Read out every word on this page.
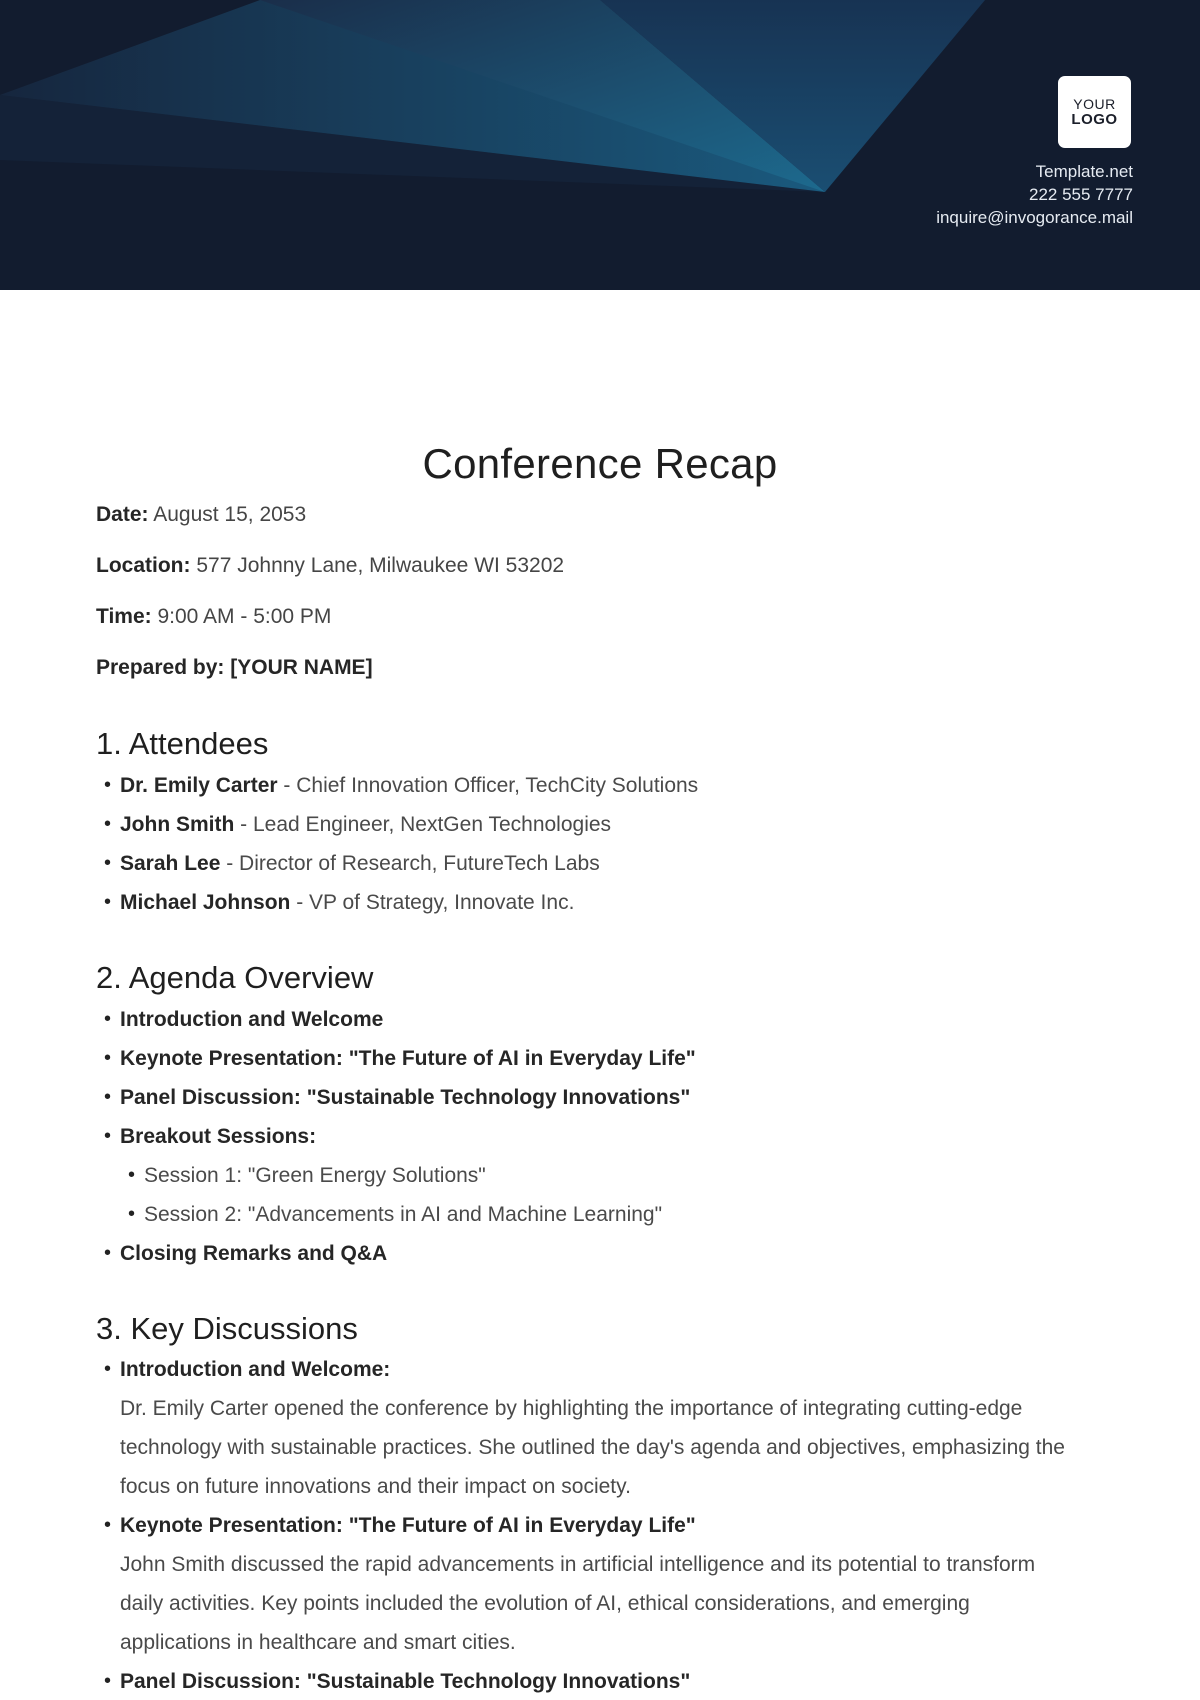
YOUR
LOGO
Template.net
222 555 7777
inquire@invogorance.mail
Conference Recap
Date: August 15, 2053
Location: 577 Johnny Lane, Milwaukee WI 53202
Time: 9:00 AM - 5:00 PM
Prepared by: [YOUR NAME]
1. Attendees
• Dr. Emily Carter - Chief Innovation Officer, TechCity Solutions
• John Smith - Lead Engineer, NextGen Technologies
• Sarah Lee - Director of Research, FutureTech Labs
• Michael Johnson - VP of Strategy, Innovate Inc.
2. Agenda Overview
• Introduction and Welcome
• Keynote Presentation: "The Future of AI in Everyday Life"
• Panel Discussion: "Sustainable Technology Innovations"
• Breakout Sessions:
• Session 1: "Green Energy Solutions"
• Session 2: "Advancements in AI and Machine Learning"
• Closing Remarks and Q&A
3. Key Discussions
• Introduction and Welcome:

Dr. Emily Carter opened the conference by highlighting the importance of integrating cutting-edge technology with sustainable practices. She outlined the day's agenda and objectives, emphasizing the focus on future innovations and their impact on society.

• Keynote Presentation: "The Future of AI in Everyday Life"

John Smith discussed the rapid advancements in artificial intelligence and its potential to transform daily activities. Key points included the evolution of AI, ethical considerations, and emerging applications in healthcare and smart cities.

• Panel Discussion: "Sustainable Technology Innovations"
